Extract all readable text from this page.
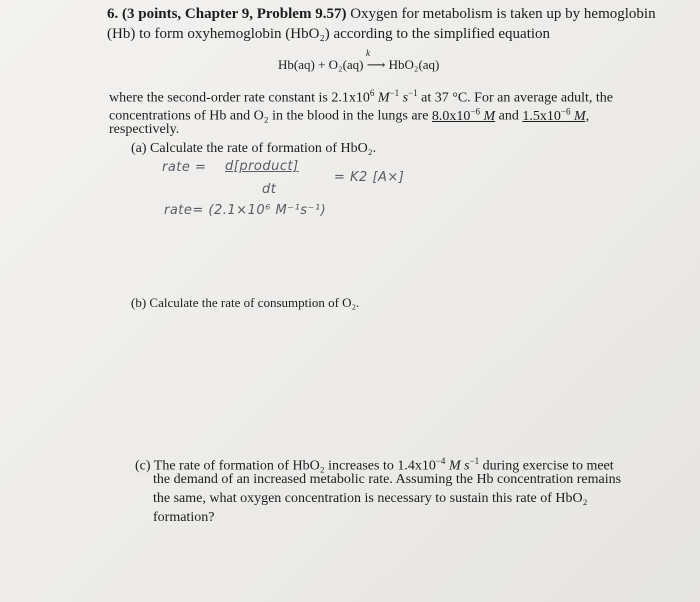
6. (3 points, Chapter 9, Problem 9.57) Oxygen for metabolism is taken up by hemoglobin

(Hb) to form oxyhemoglobin (HbO₂) according to the simplified equation

Hb(aq) + O₂(aq) ⟶ HbO₂(aq)
k

where the second-order rate constant is $2.1x10^6$ $M^{-1}$ $s^{-1}$ at 37 °C. For an average adult, the

concentrations of Hb and O₂ in the blood in the lungs are $8.0x10^{-6}$ M and $1.5x10^{-6}$ M,

respectively.

(a) Calculate the rate of formation of HbO₂.

rate = d[product]
dt
= K2 [A×]
rate= (2.1×10⁶ M⁻¹s⁻¹)

(b) Calculate the rate of consumption of O₂.

(c) The rate of formation of HbO₂ increases to $1.4x10^{-4}$ M $s^{-1}$ during exercise to meet

the demand of an increased metabolic rate. Assuming the Hb concentration remains

the same, what oxygen concentration is necessary to sustain this rate of HbO₂

formation?
